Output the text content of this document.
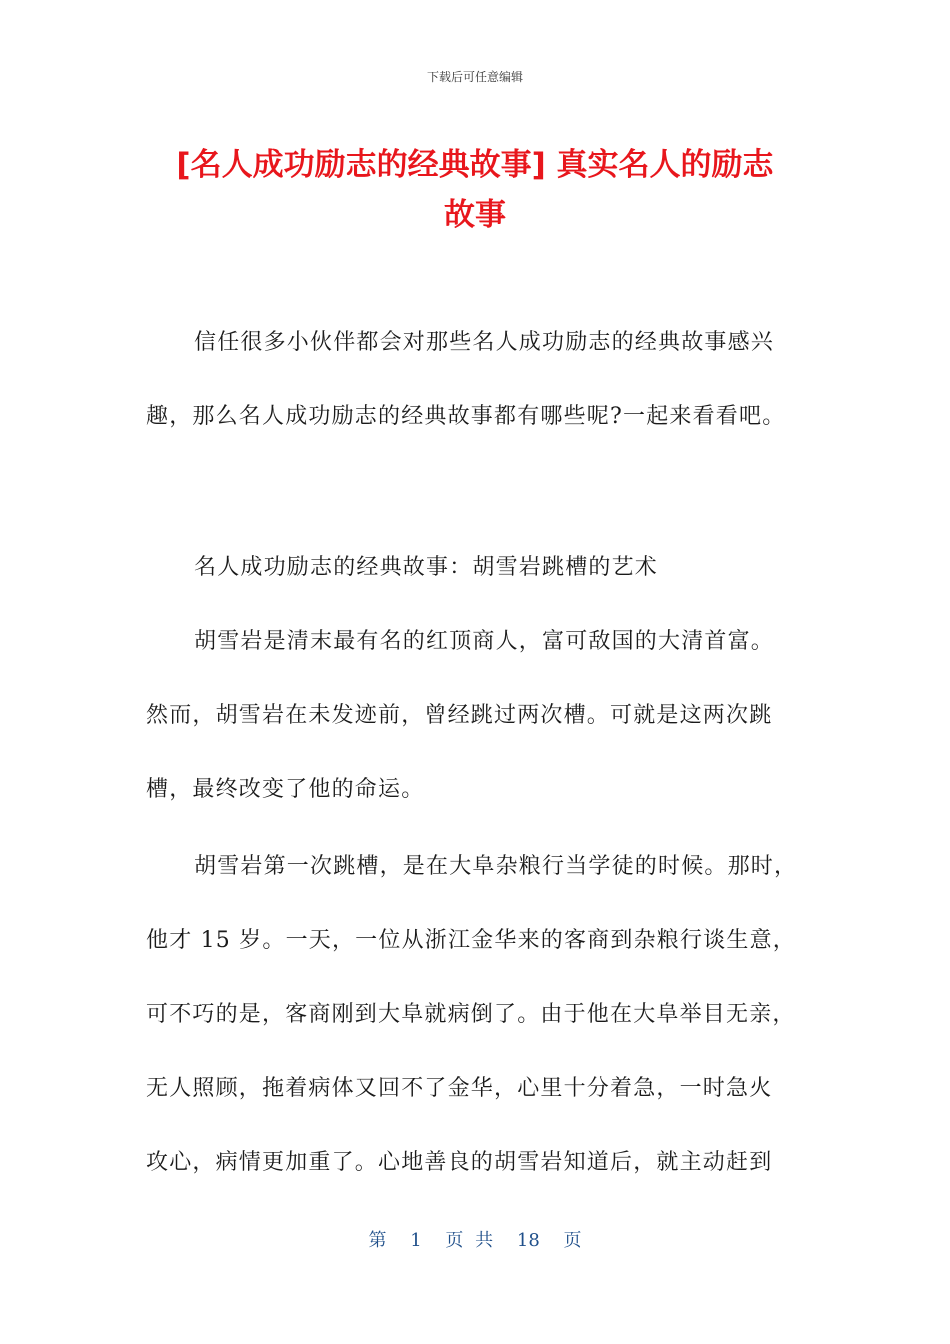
下载后可任意编辑
[名人成功励志的经典故事] 真实名人的励志
故事
信任很多小伙伴都会对那些名人成功励志的经典故事感兴
趣，那么名人成功励志的经典故事都有哪些呢?一起来看看吧。
名人成功励志的经典故事：胡雪岩跳槽的艺术
胡雪岩是清末最有名的红顶商人，富可敌国的大清首富。
然而，胡雪岩在未发迹前，曾经跳过两次槽。可就是这两次跳
槽，最终改变了他的命运。
胡雪岩第一次跳槽，是在大阜杂粮行当学徒的时候。那时，
他才 15 岁。一天，一位从浙江金华来的客商到杂粮行谈生意，
可不巧的是，客商刚到大阜就病倒了。由于他在大阜举目无亲，
无人照顾，拖着病体又回不了金华，心里十分着急，一时急火
攻心，病情更加重了。心地善良的胡雪岩知道后，就主动赶到
第 1 页 共 18 页
